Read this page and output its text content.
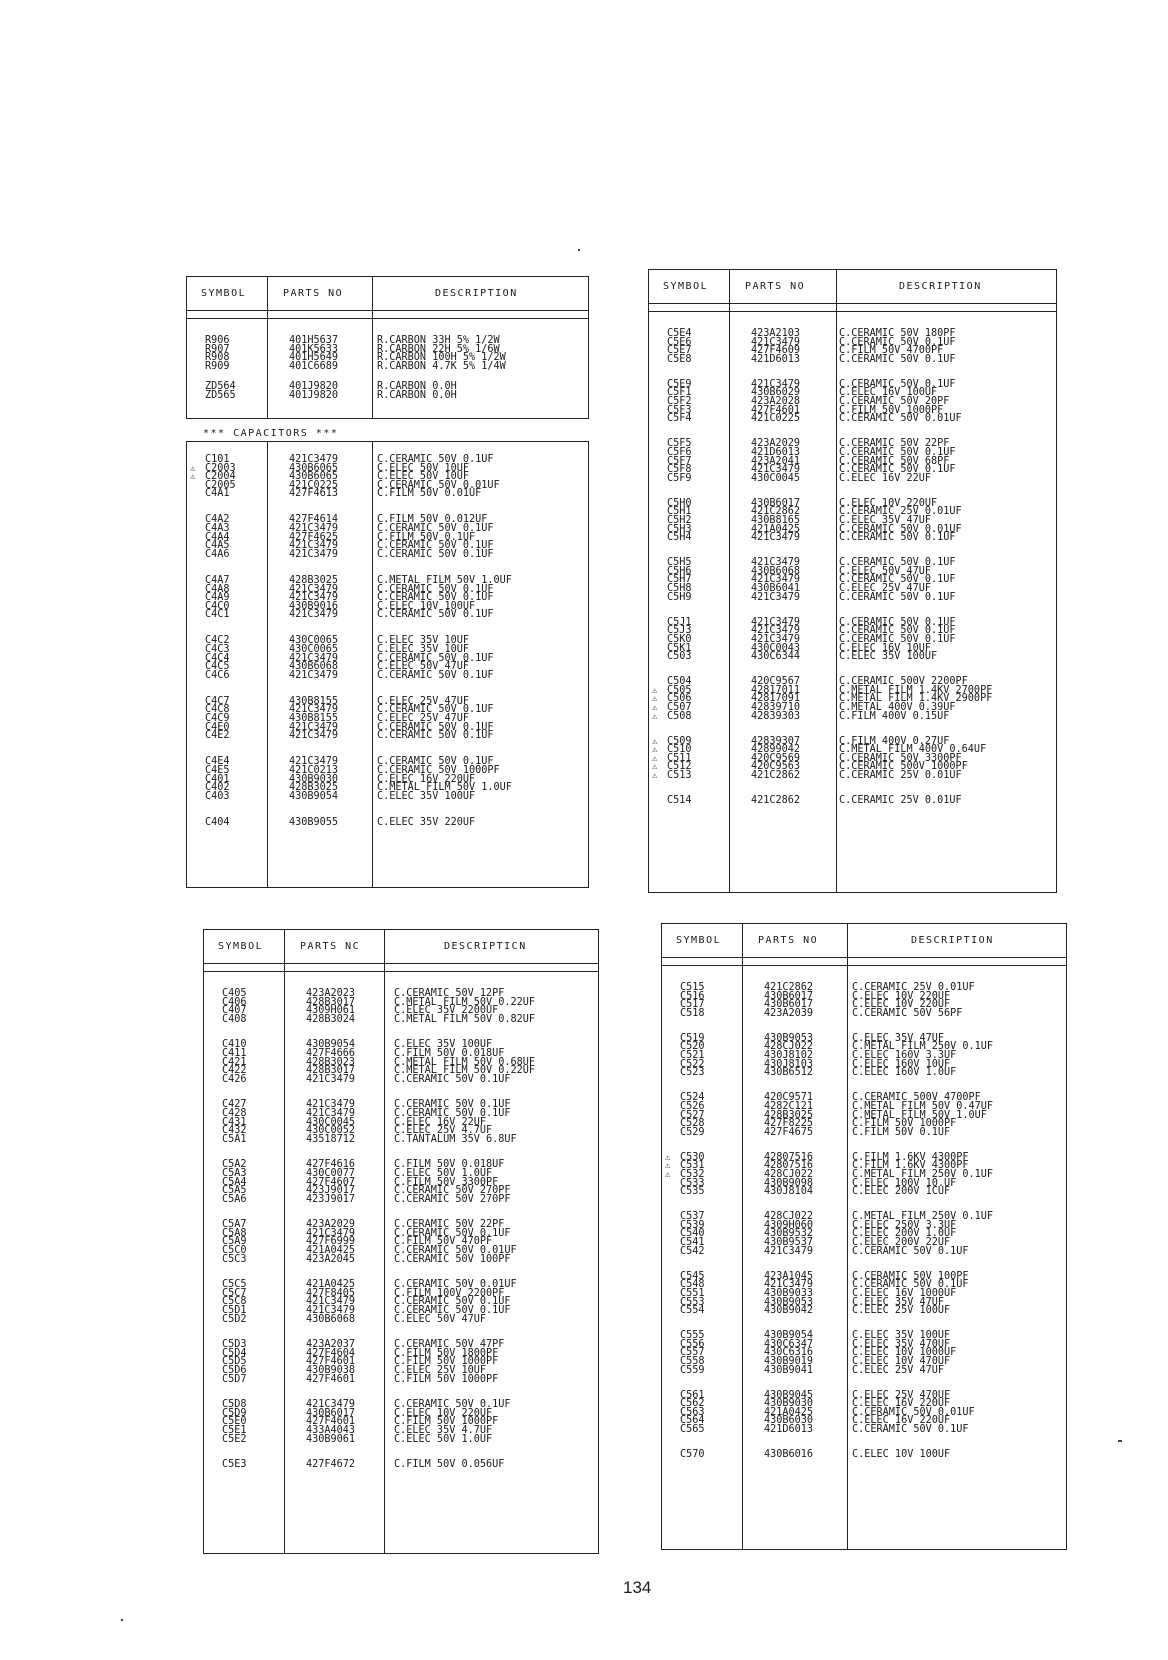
SYMBOL	PARTS NO	DESCRIPTION
R906	401H5637	R.CARBON 33H 5% 1/2W
R907	401K5633	R.CARBON 22H 5% 1/6W
R908	401H5649	R.CARBON 100H 5% 1/2W
R909	401C6689	R.CARBON 4.7K 5% 1/4W
ZD564	401J9820	R.CARBON 0.0H
ZD565	401J9820	R.CARBON 0.0H
*** CAPACITORS ***
C101	421C3479	C.CERAMIC 50V 0.1UF
⚠ C2003	430B6065	C.ELEC 50V 10UF
⚠ C2004	430B6065	C.ELEC 50V 10UF
C2005	421C0225	C.CERAMIC 50V 0.01UF
C4A1	427F4613	C.FILM 50V 0.01UF
C4A2	427F4614	C.FILM 50V 0.012UF
C4A3	421C3479	C.CERAMIC 50V 0.1UF
C4A4	427F4625	C.FILM 50V 0.1UF
C4A5	421C3479	C.CERAMIC 50V 0.1UF
C4A6	421C3479	C.CERAMIC 50V 0.1UF
C4A7	428B3025	C.METAL FILM 50V 1.0UF
C4A8	421C3479	C.CERAMIC 50V 0.1UF
C4A9	421C3479	C.CERAMIC 50V 0.1UF
C4C0	430B9016	C.ELEC 10V 100UF
C4C1	421C3479	C.CERAMIC 50V 0.1UF
C4C2	430C0065	C.ELEC 35V 10UF
C4C3	430C0065	C.ELEC 35V 10UF
C4C4	421C3479	C.CERAMIC 50V 0.1UF
C4C5	430B6068	C.ELEC 50V 47UF
C4C6	421C3479	C.CERAMIC 50V 0.1UF
C4C7	430B8155	C.ELEC 25V 47UF
C4C8	421C3479	C.CERAMIC 50V 0.1UF
C4C9	430B8155	C.ELEC 25V 47UF
C4E0	421C3479	C.CERAMIC 50V 0.1UF
C4E2	421C3479	C.CERAMIC 50V 0.1UF
C4E4	421C3479	C.CERAMIC 50V 0.1UF
C4E5	421C0213	C.CERAMIC 50V 1000PF
C401	430B9030	C.ELEC 16V 220UF
C402	428B3025	C.METAL FILM 50V 1.0UF
C403	430B9054	C.ELEC 35V 100UF
C404	430B9055	C.ELEC 35V 220UF
SYMBOL	PARTS NO	DESCRIPTION
C5E4	423A2103	C.CERAMIC 50V 180PF
C5E6	421C3479	C.CERAMIC 50V 0.1UF
C5E7	427F4609	C.FILM 50V 4700PF
C5E8	421D6013	C.CERAMIC 50V 0.1UF
C5E9	421C3479	C.CERAMIC 50V 0.1UF
C5F1	430B6029	C.ELEC 16V 100UF
C5F2	423A2028	C.CERAMIC 50V 20PF
C5F3	427F4601	C.FILM 50V 1000PF
C5F4	421C0225	C.CERAMIC 50V 0.01UF
C5F5	423A2029	C.CERAMIC 50V 22PF
C5F6	421D6013	C.CERAMIC 50V 0.1UF
C5F7	423A2041	C.CERAMIC 50V 68PF
C5F8	421C3479	C.CERAMIC 50V 0.1UF
C5F9	430C0045	C.ELEC 16V 22UF
C5H0	430B6017	C.ELEC 10V 220UF
C5H1	421C2862	C.CERAMIC 25V 0.01UF
C5H2	430B8165	C.ELEC 35V 47UF
C5H3	421A0425	C.CERAMIC 50V 0.01UF
C5H4	421C3479	C.CERAMIC 50V 0.1UF
C5H5	421C3479	C.CERAMIC 50V 0.1UF
C5H6	430B6068	C.ELEC 50V 47UF
C5H7	421C3479	C.CERAMIC 50V 0.1UF
C5H8	430B6041	C.ELEC 25V 47UF
C5H9	421C3479	C.CERAMIC 50V 0.1UF
C5J1	421C3479	C.CERAMIC 50V 0.1UF
C5J3	421C3479	C.CERAMIC 50V 0.1UF
C5K0	421C3479	C.CERAMIC 50V 0.1UF
C5K1	430C0043	C.ELEC 16V 10UF
C503	430C6344	C.ELEC 35V 100UF
C504	420C9567	C.CERAMIC 500V 2200PF
⚠ C505	42817011	C.METAL FILM 1.4KV 2700PF
⚠ C506	42817091	C.METAL FILM 1.4KV 2900PF
⚠ C507	42839710	C.METAL 400V 0.39UF
⚠ C508	42839303	C.FILM 400V 0.15UF
⚠ C509	42839307	C.FILM 400V 0.27UF
⚠ C510	42899042	C.METAL FILM 400V 0.64UF
⚠ C511	420C9569	C.CERAMIC 50V 3300PF
⚠ C512	420C9563	C.CERAMIC 500V 1000PF
⚠ C513	421C2862	C.CERAMIC 25V 0.01UF
C514	421C2862	C.CERAMIC 25V 0.01UF
SYMBOL	PARTS NC	DESCRIPTICN
C405	423A2023	C.CERAMIC 50V 12PF
C406	428B3017	C.METAL FILM 50V 0.22UF
C407	4309H061	C.ELEC 35V 2200UF
C408	428B3024	C.METAL FILM 50V 0.82UF
C410	430B9054	C.ELEC 35V 100UF
C411	427F4666	C.FILM 50V 0.018UF
C421	428B3023	C.METAL FILM 50V 0.68UF
C422	428B3017	C.METAL FILM 50V 0.22UF
C426	421C3479	C.CERAMIC 50V 0.1UF
C427	421C3479	C.CERAMIC 50V 0.1UF
C428	421C3479	C.CERAMIC 50V 0.1UF
C431	430C0045	C.ELEC 16V 22UF
C432	430C0052	C.ELEC 25V 4.7UF
C5A1	43518712	C.TANTALUM 35V 6.8UF
C5A2	427F4616	C.FILM 50V 0.018UF
C5A3	430C0077	C.ELEC 50V 1.0UF
C5A4	427F4607	C.FILM 50V 3300PF
C5A5	423J9017	C.CERAMIC 50V 270PF
C5A6	423J9017	C.CERAMIC 50V 270PF
C5A7	423A2029	C.CERAMIC 50V 22PF
C5A8	421C3479	C.CERAMIC 50V 0.1UF
C5A9	427F6999	C.FILM 50V 470PF
C5C0	421A0425	C.CERAMIC 50V 0.01UF
C5C3	423A2045	C.CERAMIC 50V 100PF
C5C5	421A0425	C.CERAMIC 50V 0.01UF
C5C7	427F8405	C.FILM 100V 2200PF
C5C8	421C3479	C.CERAMIC 50V 0.1UF
C5D1	421C3479	C.CERAMIC 50V 0.1UF
C5D2	430B6068	C.ELEC 50V 47UF
C5D3	423A2037	C.CERAMIC 50V 47PF
C5D4	427F4604	C.FILM 50V 1800PF
C5D5	427F4601	C.FILM 50V 1000PF
C5D6	430B9038	C.ELEC 25V 10UF
C5D7	427F4601	C.FILM 50V 1000PF
C5D8	421C3479	C.CERAMIC 50V 0.1UF
C5D9	430B6017	C.ELEC 10V 220UF
C5E0	427F4601	C.FILM 50V 1000PF
C5E1	433A4043	C.ELEC 35V 4.7UF
C5E2	430B9061	C.ELEC 50V 1.0UF
C5E3	427F4672	C.FILM 50V 0.056UF
SYMBOL	PARTS NO	DESCRIPTION
C515	421C2862	C.CERAMIC 25V 0.01UF
C516	430B6017	C.ELEC 10V 220UF
C517	430B6017	C.ELEC 10V 220UF
C518	423A2039	C.CERAMIC 50V 56PF
C519	430B9053	C.ELEC 35V 47UF
C520	428CJ022	C.METAL FILM 250V 0.1UF
C521	430J8102	C.ELEC 160V 3.3UF
C522	430J8103	C.ELEC 160V 10UF
C523	430B6512	C.ELEC 160V 1.0UF
C524	420C9571	C.CERAMIC 500V 4700PF
C526	4282C121	C.METAL FILM 50V 0.47UF
C527	428B3025	C.METAL FILM 50V 1.0UF
C528	427F8225	C.FILM 50V 1000PF
C529	427F4675	C.FILM 50V 0.1UF
⚠ C530	42807516	C.FILM 1.6KV 4300PF
⚠ C531	42807516	C.FILM 1.6KV 4300PF
⚠ C532	428CJ022	C.METAL FILM 250V 0.1UF
C533	430B9098	C.ELEC 100V 10.UF
C535	430J8104	C.ELEC 200V 1CUF
C537	428CJ022	C.METAL FILM 250V 0.1UF
C539	4309H060	C.ELEC 250V 3.3UF
C540	430B9532	C.ELEC 200V 1.0UF
C541	430B9537	C.ELEC 200V 22UF
C542	421C3479	C.CERAMIC 50V 0.1UF
C545	423A1045	C.CERAMIC 50V 100PF
C548	421C3479	C.CERAMIC 50V 0.1UF
C551	430B9033	C.ELEC 16V 1000UF
C553	430B9053	C.ELEC 35V 47UF
C554	430B9042	C.ELEC 25V 100UF
C555	430B9054	C.ELEC 35V 100UF
C556	430C6347	C.ELEC 35V 470UF
C557	430C6316	C.ELEC 10V 1000UF
C558	430B9019	C.ELEC 10V 470UF
C559	430B9041	C.ELEC 25V 47UF
C561	430B9045	C.ELEC 25V 470UF
C562	430B9030	C.ELEC 16V 220UF
C563	421A0425	C.CERAMIC 50V 0.01UF
C564	430B6030	C.ELEC 16V 220UF
C565	421D6013	C.CERAMIC 50V 0.1UF
C570	430B6016	C.ELEC 10V 100UF
134
